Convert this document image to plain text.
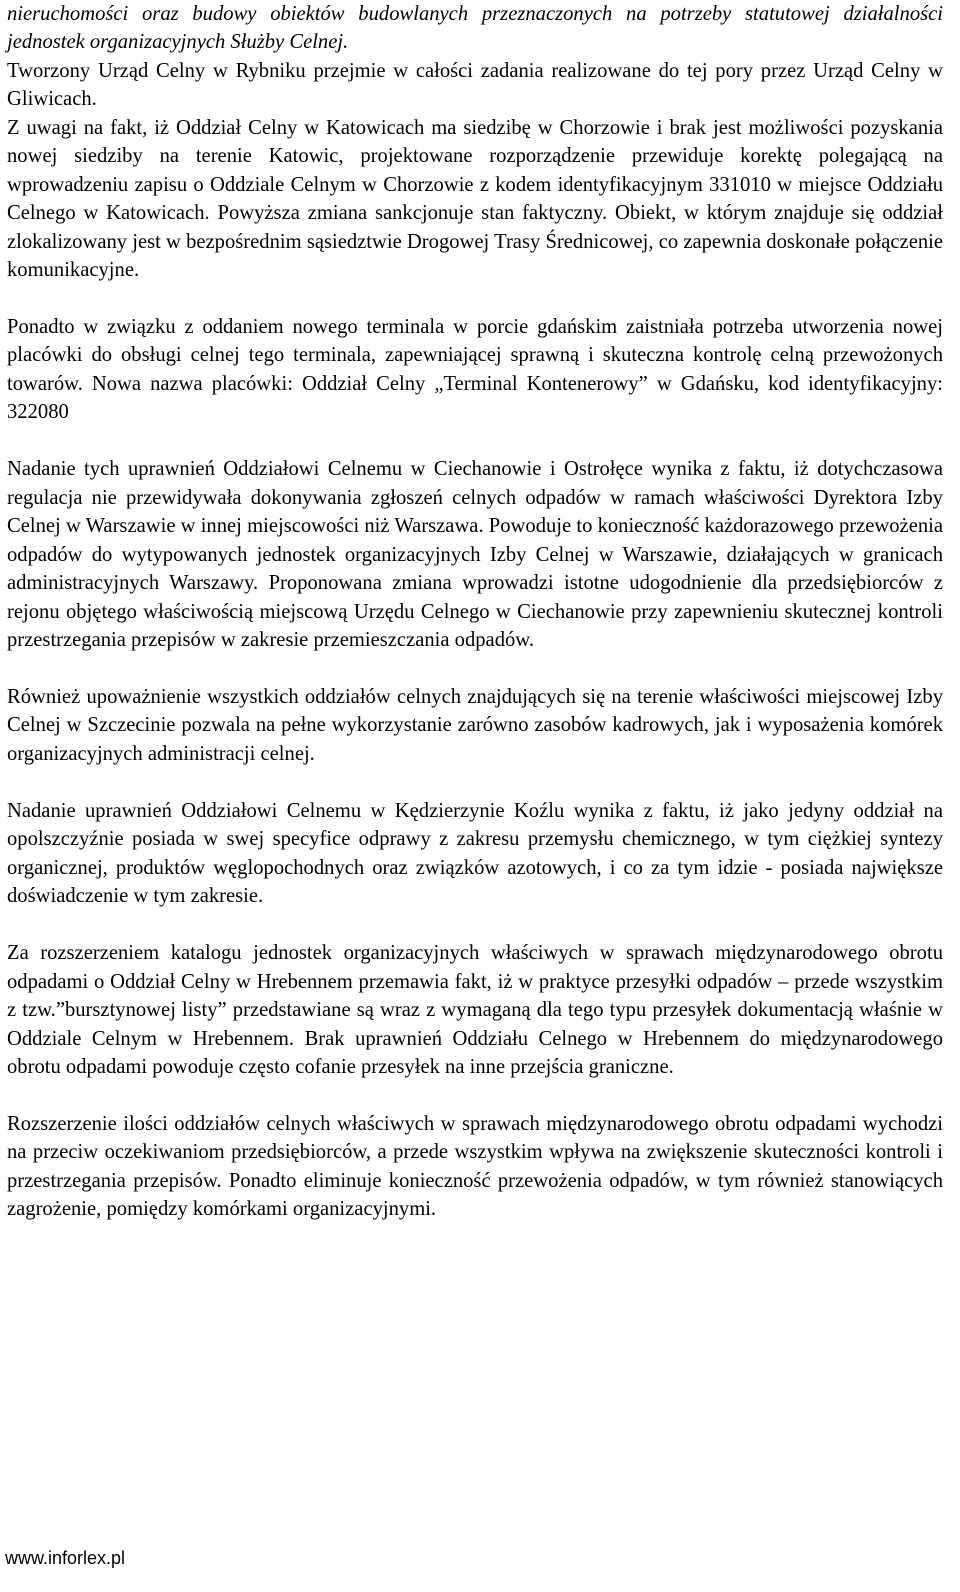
nieruchomości oraz budowy obiektów budowlanych przeznaczonych na potrzeby statutowej działalności jednostek organizacyjnych Służby Celnej.

Tworzony Urząd Celny w Rybniku przejmie w całości zadania realizowane do tej pory przez Urząd Celny w Gliwicach.

Z uwagi na fakt, iż Oddział Celny w Katowicach ma siedzibę w Chorzowie i brak jest możliwości pozyskania nowej siedziby na terenie Katowic, projektowane rozporządzenie przewiduje korektę polegającą na wprowadzeniu zapisu o Oddziale Celnym w Chorzowie z kodem identyfikacyjnym 331010 w miejsce Oddziału Celnego w Katowicach. Powyższa zmiana sankcjonuje stan faktyczny. Obiekt, w którym znajduje się oddział zlokalizowany jest w bezpośrednim sąsiedztwie Drogowej Trasy Średnicowej, co zapewnia doskonałe połączenie komunikacyjne.

Ponadto w związku z oddaniem nowego terminala w porcie gdańskim zaistniała potrzeba utworzenia nowej placówki do obsługi celnej tego terminala, zapewniającej sprawną i skuteczna kontrolę celną przewożonych towarów. Nowa nazwa placówki: Oddział Celny „Terminal Kontenerowy” w Gdańsku, kod identyfikacyjny: 322080

Nadanie tych uprawnień Oddziałowi Celnemu w Ciechanowie i Ostrołęce wynika z faktu, iż dotychczasowa regulacja nie przewidywała dokonywania zgłoszeń celnych odpadów w ramach właściwości Dyrektora Izby Celnej w Warszawie w innej miejscowości niż Warszawa. Powoduje to konieczność każdorazowego przewożenia odpadów do wytypowanych jednostek organizacyjnych Izby Celnej w Warszawie, działających w granicach administracyjnych Warszawy. Proponowana zmiana wprowadzi istotne udogodnienie dla przedsiębiorców z rejonu objętego właściwością miejscową Urzędu Celnego w Ciechanowie przy zapewnieniu skutecznej kontroli przestrzegania przepisów w zakresie przemieszczania odpadów.

Również upoważnienie wszystkich oddziałów celnych znajdujących się na terenie właściwości miejscowej Izby Celnej w Szczecinie pozwala na pełne wykorzystanie zarówno zasobów kadrowych, jak i wyposażenia komórek organizacyjnych administracji celnej.

Nadanie uprawnień Oddziałowi Celnemu w Kędzierzynie Koźlu wynika z faktu, iż jako jedyny oddział na opolszczyźnie posiada w swej specyfice odprawy z zakresu przemysłu chemicznego, w tym ciężkiej syntezy organicznej, produktów węglopochodnych oraz związków azotowych, i co za tym idzie - posiada największe doświadczenie w tym zakresie.

Za rozszerzeniem katalogu jednostek organizacyjnych właściwych w sprawach międzynarodowego obrotu odpadami o Oddział Celny w Hrebennem przemawia fakt, iż w praktyce przesyłki odpadów – przede wszystkim z tzw.”bursztynowej listy” przedstawiane są wraz z wymaganą dla tego typu przesyłek dokumentacją właśnie w Oddziale Celnym w Hrebennem. Brak uprawnień Oddziału Celnego w Hrebennem do międzynarodowego obrotu odpadami powoduje często cofanie przesyłek na inne przejścia graniczne.

Rozszerzenie ilości oddziałów celnych właściwych w sprawach międzynarodowego obrotu odpadami wychodzi na przeciw oczekiwaniom przedsiębiorców, a przede wszystkim wpływa na zwiększenie skuteczności kontroli i przestrzegania przepisów. Ponadto eliminuje konieczność przewożenia odpadów, w tym również stanowiących zagrożenie, pomiędzy komórkami organizacyjnymi.

www.inforlex.pl
